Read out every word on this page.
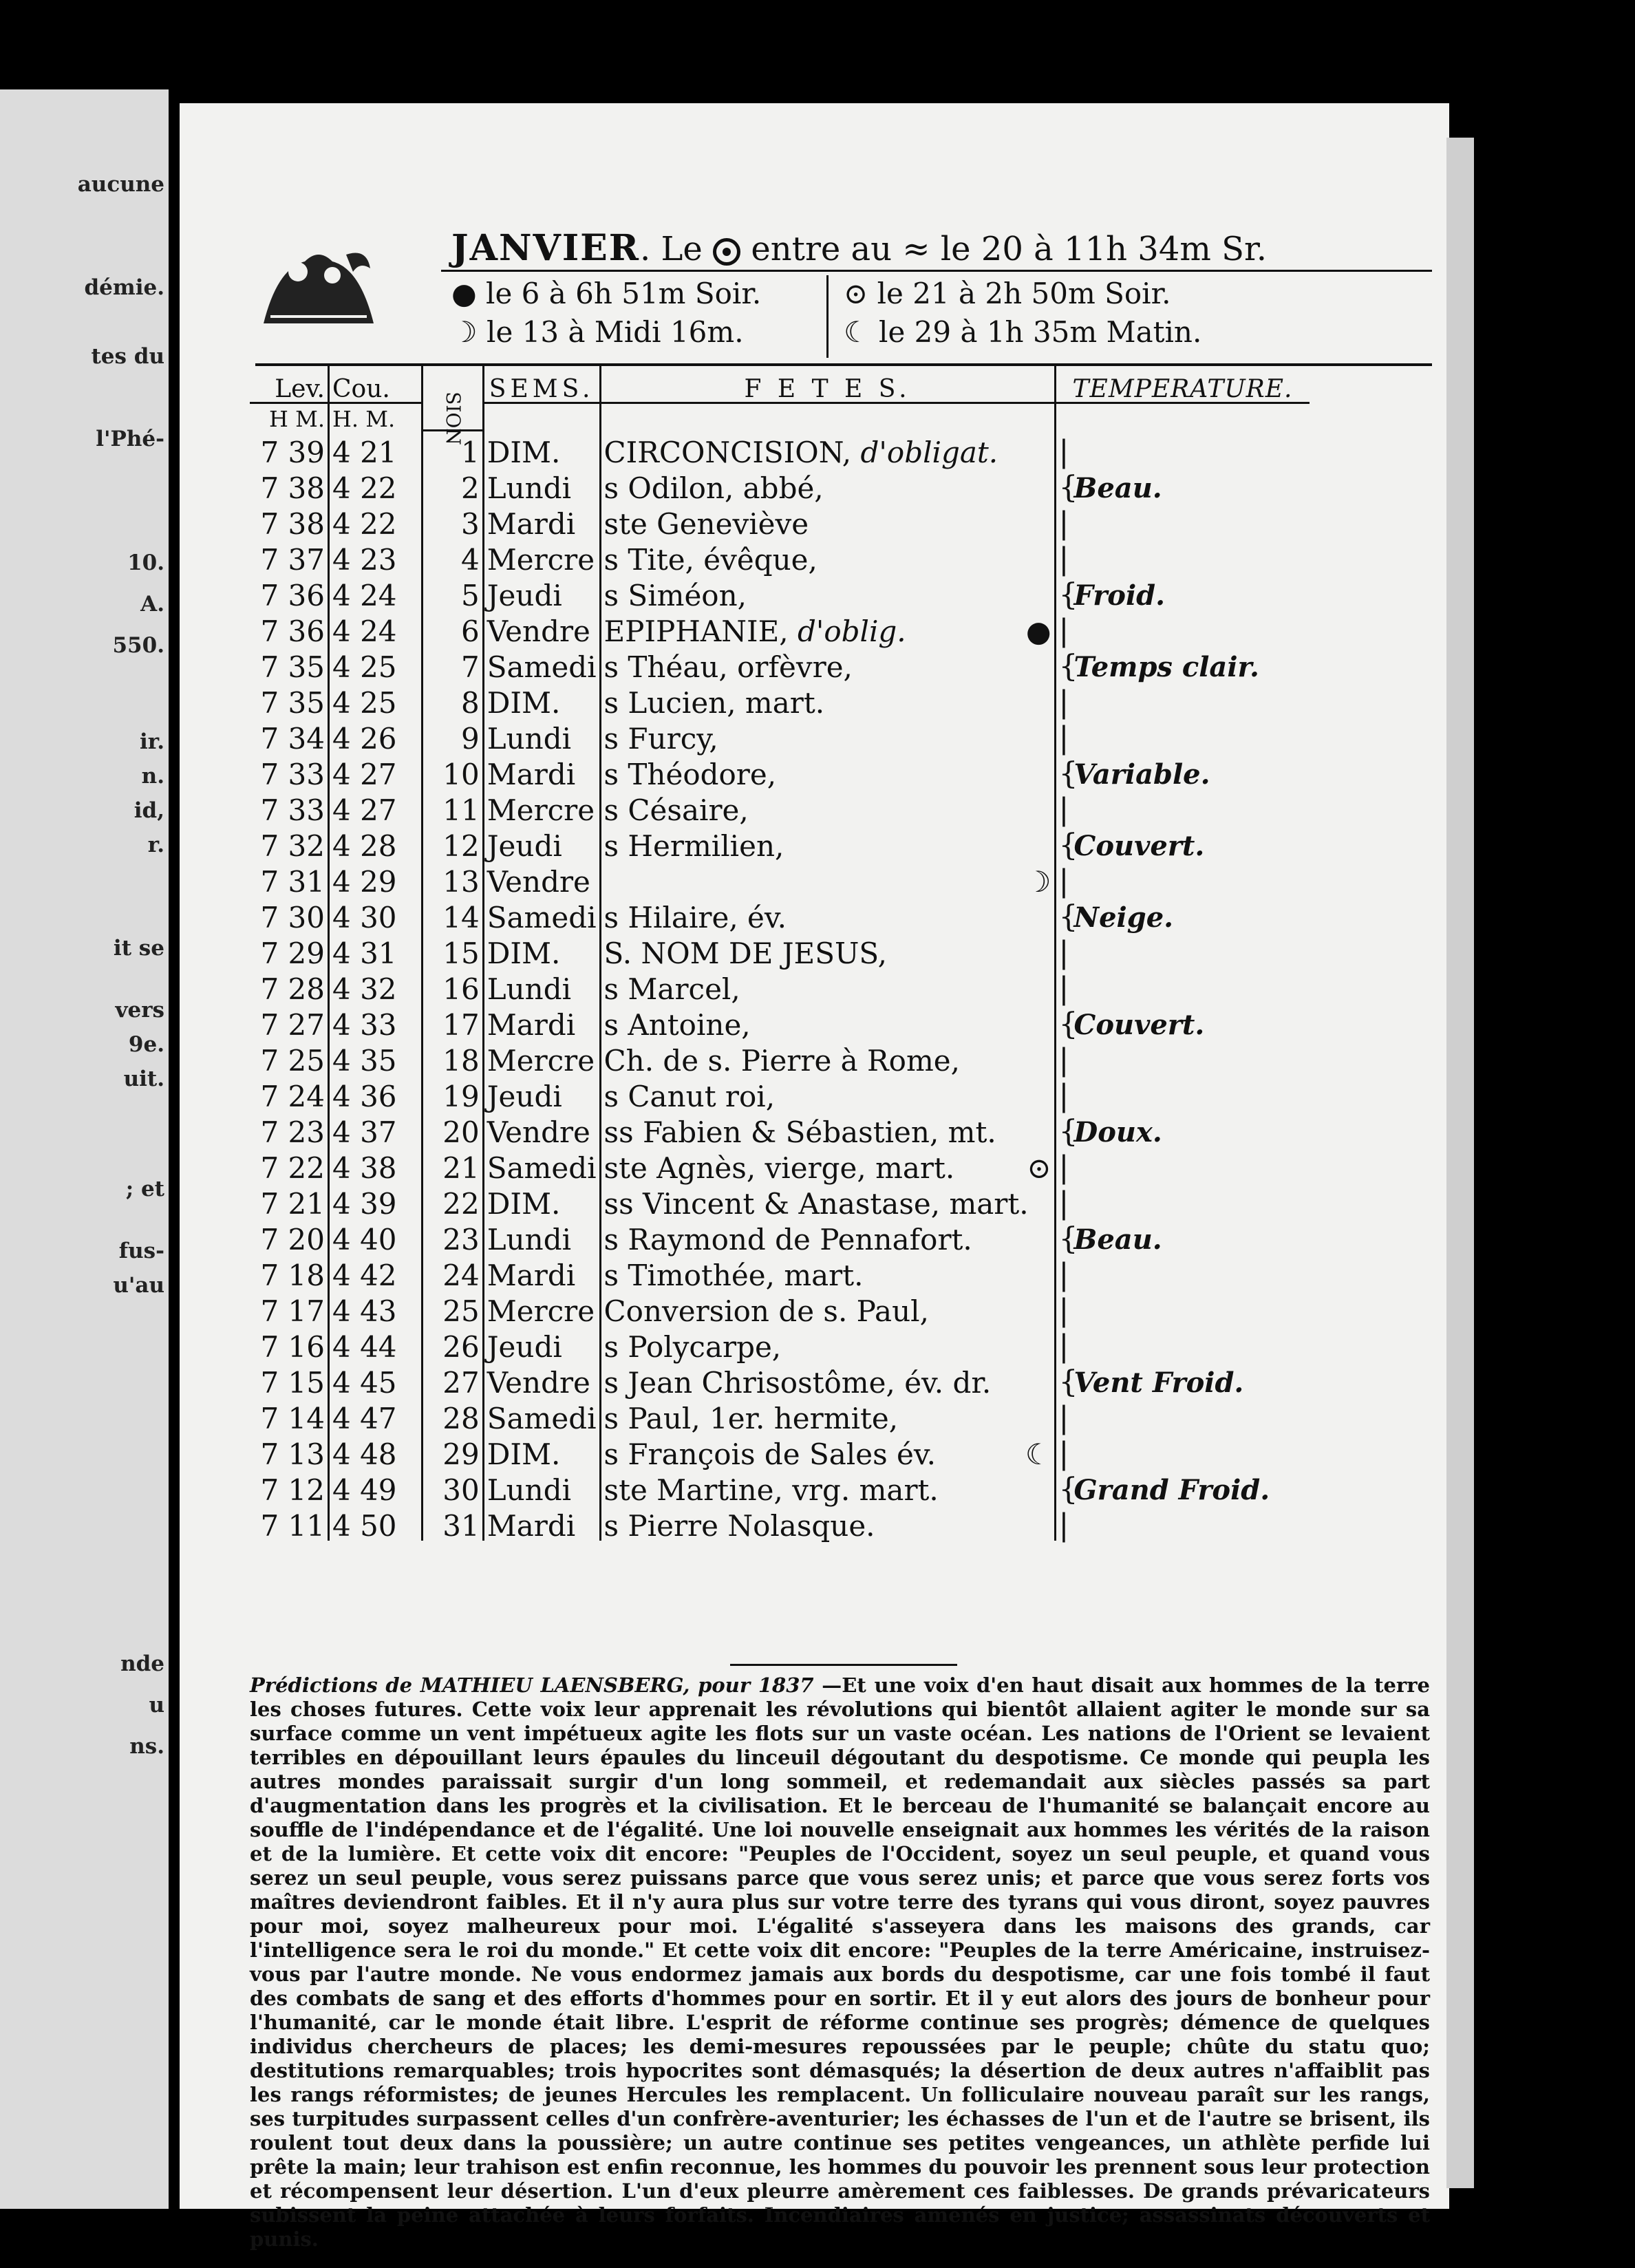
aucune
démie.
tes du
l'Phé-
10.
A.
550.
ir.
n.
id,
r.
it se
vers
9e.
uit.
; et
fus-
u'au
nde
u
ns.
JANVIER. Le entre au ≈ le 20 à 11h 34m Sr.
● le 6 à 6h 51m Soir.
☽ le 13 à Midi 16m.
⊙ le 21 à 2h 50m Soir.
☾ le 29 à 1h 35m Matin.
Lev.	Cou.	SION	SEMS.	F E T E S.	TEMPERATURE.
H M.	H. M.				
7 39	4 21	1	DIM.	CIRCONCISION, d'obligat.	|
7 38	4 22	2	Lundi	s Odilon, abbé,	{Beau.
7 38	4 22	3	Mardi	ste Geneviève	|
7 37	4 23	4	Mercre	s Tite, évêque,	|
7 36	4 24	5	Jeudi	s Siméon,	{Froid.
7 36	4 24	6	Vendre	EPIPHANIE, d'oblig. ●	|
7 35	4 25	7	Samedi	s Théau, orfèvre,	{Temps clair.
7 35	4 25	8	DIM.	s Lucien, mart.	|
7 34	4 26	9	Lundi	s Furcy,	|
7 33	4 27	10	Mardi	s Théodore,	{Variable.
7 33	4 27	11	Mercre	s Césaire,	|
7 32	4 28	12	Jeudi	s Hermilien,	{Couvert.
7 31	4 29	13	Vendre	☽	|
7 30	4 30	14	Samedi	s Hilaire, év.	{Neige.
7 29	4 31	15	DIM.	S. NOM DE JESUS,	|
7 28	4 32	16	Lundi	s Marcel,	|
7 27	4 33	17	Mardi	s Antoine,	{Couvert.
7 25	4 35	18	Mercre	Ch. de s. Pierre à Rome,	|
7 24	4 36	19	Jeudi	s Canut roi,	|
7 23	4 37	20	Vendre	ss Fabien & Sébastien, mt.	{Doux.
7 22	4 38	21	Samedi	ste Agnès, vierge, mart. ⊙	|
7 21	4 39	22	DIM.	ss Vincent & Anastase, mart.	|
7 20	4 40	23	Lundi	s Raymond de Pennafort.	{Beau.
7 18	4 42	24	Mardi	s Timothée, mart.	|
7 17	4 43	25	Mercre	Conversion de s. Paul,	|
7 16	4 44	26	Jeudi	s Polycarpe,	|
7 15	4 45	27	Vendre	s Jean Chrisostôme, év. dr.	{Vent Froid.
7 14	4 47	28	Samedi	s Paul, 1er. hermite,	|
7 13	4 48	29	DIM.	s François de Sales év. ☾	|
7 12	4 49	30	Lundi	ste Martine, vrg. mart.	{Grand Froid.
7 11	4 50	31	Mardi	s Pierre Nolasque.	|
Prédictions de MATHIEU LAENSBERG, pour 1837 —Et une voix d'en haut disait aux hommes de la terre les choses futures. Cette voix leur apprenait les révolutions qui bientôt allaient agiter le monde sur sa surface comme un vent impétueux agite les flots sur un vaste océan. Les nations de l'Orient se levaient terribles en dépouillant leurs épaules du linceuil dégoutant du despotisme. Ce monde qui peupla les autres mondes paraissait surgir d'un long sommeil, et redemandait aux siècles passés sa part d'augmentation dans les progrès et la civilisation. Et le berceau de l'humanité se balançait encore au souffle de l'indépendance et de l'égalité. Une loi nouvelle enseignait aux hommes les vérités de la raison et de la lumière. Et cette voix dit encore: "Peuples de l'Occident, soyez un seul peuple, et quand vous serez un seul peuple, vous serez puissans parce que vous serez unis; et parce que vous serez forts vos maîtres deviendront faibles. Et il n'y aura plus sur votre terre des tyrans qui vous diront, soyez pauvres pour moi, soyez malheureux pour moi. L'égalité s'asseyera dans les maisons des grands, car l'intelligence sera le roi du monde." Et cette voix dit encore: "Peuples de la terre Américaine, instruisez-vous par l'autre monde. Ne vous endormez jamais aux bords du despotisme, car une fois tombé il faut des combats de sang et des efforts d'hommes pour en sortir. Et il y eut alors des jours de bonheur pour l'humanité, car le monde était libre. L'esprit de réforme continue ses progrès; démence de quelques individus chercheurs de places; les demi-mesures repoussées par le peuple; chûte du statu quo; destitutions remarquables; trois hypocrites sont démasqués; la désertion de deux autres n'affaiblit pas les rangs réformistes; de jeunes Hercules les remplacent. Un folliculaire nouveau paraît sur les rangs, ses turpitudes surpassent celles d'un confrère-aventurier; les échasses de l'un et de l'autre se brisent, ils roulent tout deux dans la poussière; un autre continue ses petites vengeances, un athlète perfide lui prête la main; leur trahison est enfin reconnue, les hommes du pouvoir les prennent sous leur protection et récompensent leur désertion. L'un d'eux pleurre amèrement ces faiblesses. De grands prévaricateurs subissent la peine attachée à leurs forfaits. Incendiaires amenés en justice; assassinats découverts et punis.
